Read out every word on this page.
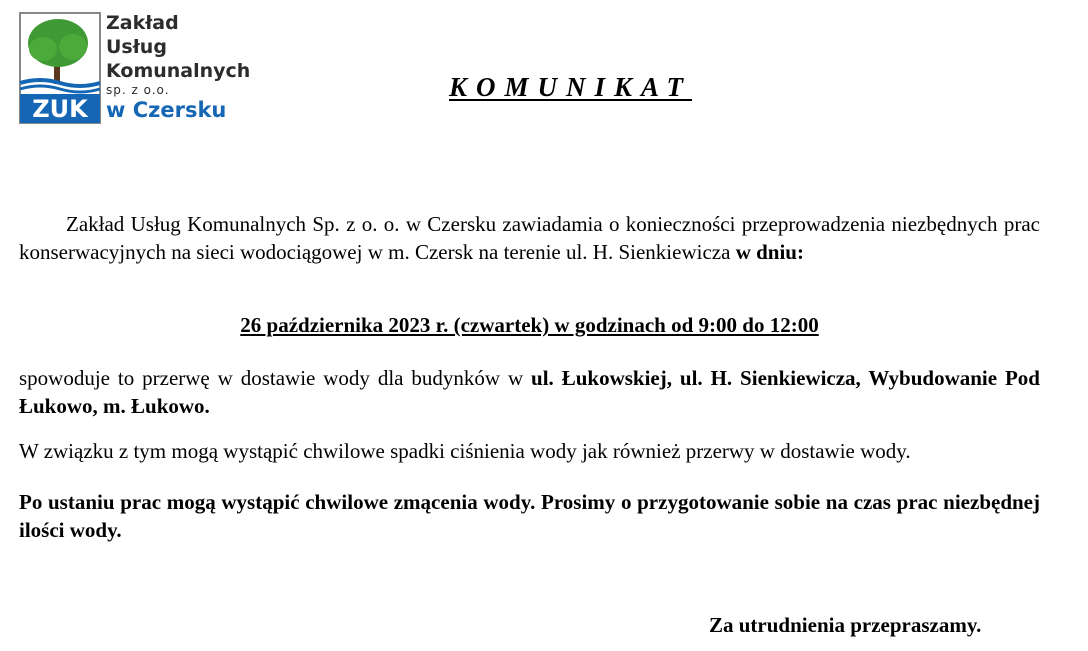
ZUK
Zakład
Usług
Komunalnych
sp. z o.o.
w Czersku
KOMUNIKAT
Zakład Usług Komunalnych Sp. z o. o. w Czersku zawiadamia o konieczności przeprowadzenia niezbędnych prac konserwacyjnych na sieci wodociągowej w m. Czersk na terenie ul. H. Sienkiewicza w dniu:
26 października 2023 r. (czwartek) w godzinach od 9:00 do 12:00
spowoduje to przerwę w dostawie wody dla budynków w ul. Łukowskiej, ul. H. Sienkiewicza, Wybudowanie Pod Łukowo, m. Łukowo.
W związku z tym mogą wystąpić chwilowe spadki ciśnienia wody jak również przerwy w dostawie wody.
Po ustaniu prac mogą wystąpić chwilowe zmącenia wody. Prosimy o przygotowanie sobie na czas prac niezbędnej ilości wody.
Za utrudnienia przepraszamy.
